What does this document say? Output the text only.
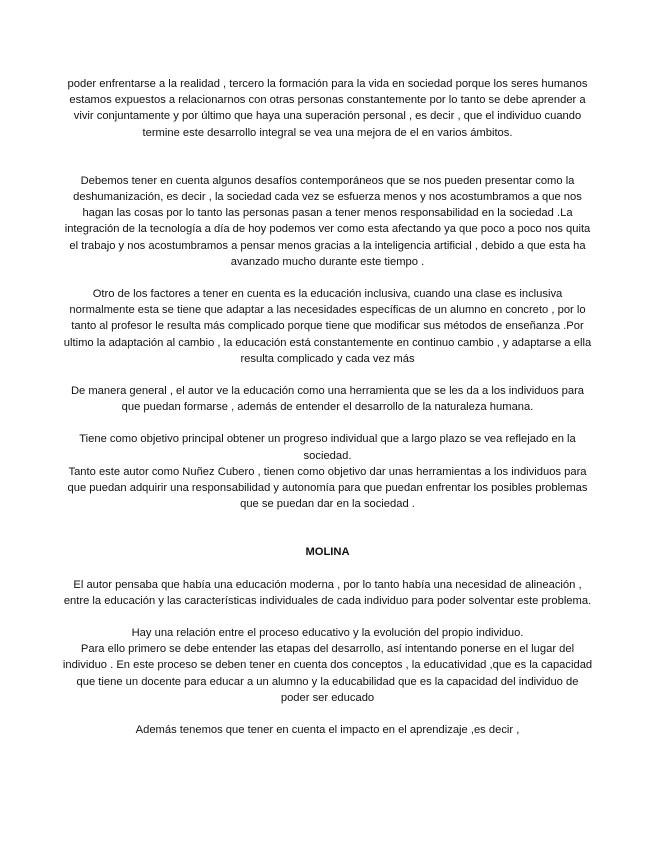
poder enfrentarse a la realidad , tercero la formación para la vida en sociedad porque los seres humanos estamos expuestos a relacionarnos con otras personas constantemente por lo tanto se debe aprender a vivir conjuntamente y por último que haya una superación personal , es decir , que el individuo cuando termine este desarrollo integral se vea una mejora de el en varios ámbitos.

Debemos tener en cuenta algunos desafíos contemporáneos que se nos pueden presentar como la deshumanización, es decir , la sociedad cada vez se esfuerza menos y nos acostumbramos a que nos hagan las cosas por lo tanto las personas pasan a tener menos responsabilidad en la sociedad .La integración de la tecnología a día de hoy podemos ver como esta afectando ya que poco a poco nos quita el trabajo y nos acostumbramos a pensar menos gracias a la inteligencia artificial , debido a que esta ha avanzado mucho durante este tiempo .

Otro de los factores a tener en cuenta es la educación inclusiva, cuando una clase es inclusiva normalmente esta se tiene que adaptar a las necesidades específicas de un alumno en concreto , por lo tanto al profesor le resulta más complicado porque tiene que modificar sus métodos de enseñanza .Por ultimo la adaptación al cambio , la educación está constantemente en continuo cambio , y adaptarse a ella resulta complicado y cada vez más

De manera general , el autor ve la educación como una herramienta que se les da a los individuos para que puedan formarse , además de entender el desarrollo de la naturaleza humana.

Tiene como objetivo principal obtener un progreso individual que a largo plazo se vea reflejado en la sociedad.

Tanto este autor como Nuñez Cubero , tienen como objetivo dar unas herramientas a los individuos para que puedan adquirir una responsabilidad y autonomía para que puedan enfrentar los posibles problemas que se puedan dar en la sociedad .

MOLINA

El autor pensaba que había una educación moderna , por lo tanto había una necesidad de alineación , entre la educación y las características individuales de cada individuo para poder solventar este problema.

Hay una relación entre el proceso educativo y la evolución del propio individuo.

Para ello primero se debe entender las etapas del desarrollo, así intentando ponerse en el lugar del individuo . En este proceso se deben tener en cuenta dos conceptos , la educatividad ,que es la capacidad que tiene un docente para educar a un alumno y la educabilidad que es la capacidad del individuo de poder ser educado

Además tenemos que tener en cuenta el impacto en el aprendizaje ,es decir ,
